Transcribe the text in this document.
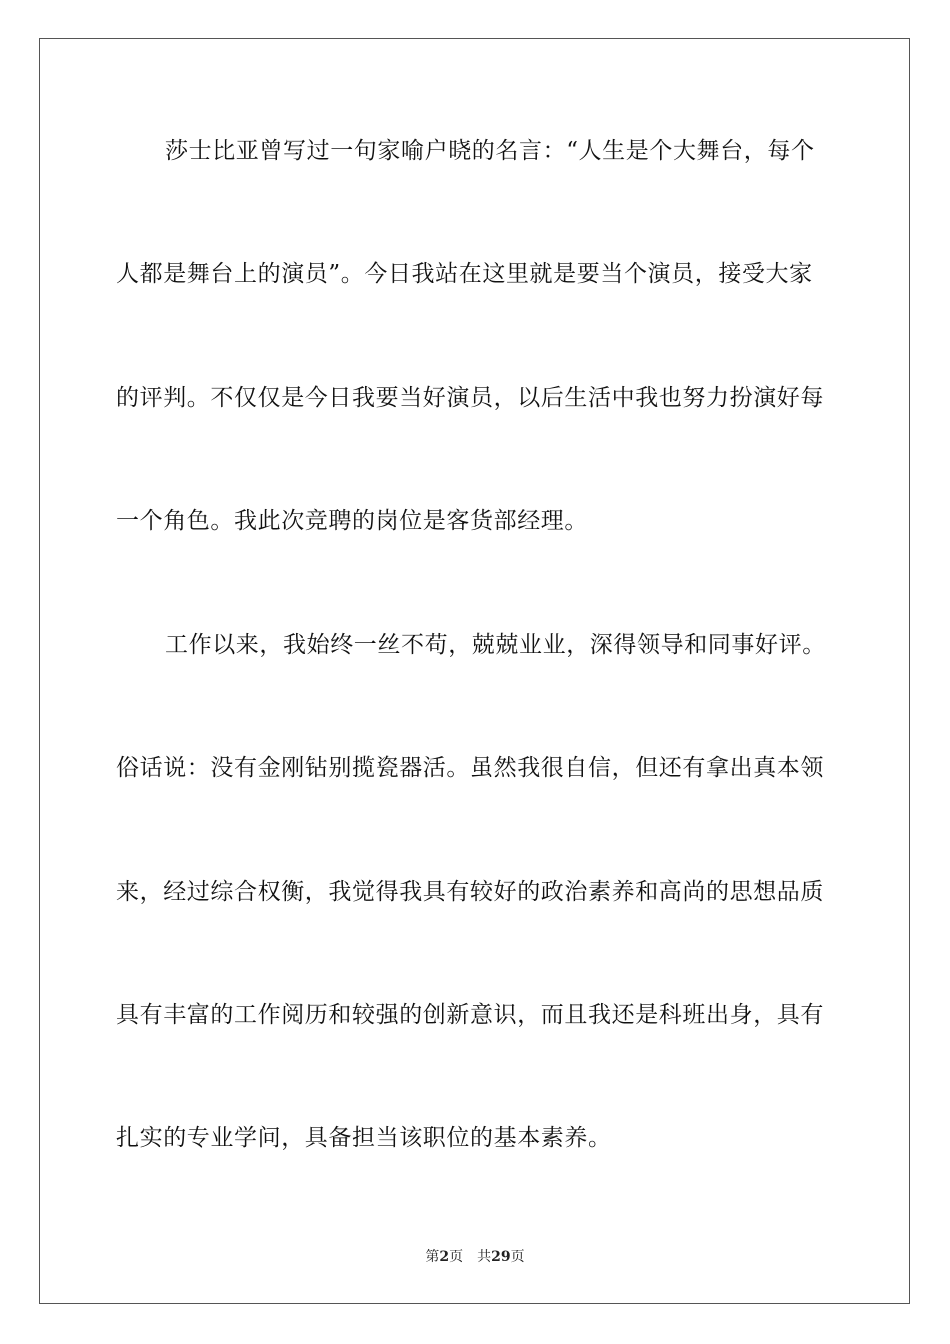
莎士比亚曾写过一句家喻户晓的名言：“人生是个大舞台，每个
人都是舞台上的演员”。今日我站在这里就是要当个演员，接受大家
的评判。不仅仅是今日我要当好演员，以后生活中我也努力扮演好每
一个角色。我此次竞聘的岗位是客货部经理。
工作以来，我始终一丝不苟，兢兢业业，深得领导和同事好评。
俗话说：没有金刚钻别揽瓷器活。虽然我很自信，但还有拿出真本领
来，经过综合权衡，我觉得我具有较好的政治素养和高尚的思想品质
具有丰富的工作阅历和较强的创新意识，而且我还是科班出身，具有
扎实的专业学问，具备担当该职位的基本素养。
第2页 共29页
